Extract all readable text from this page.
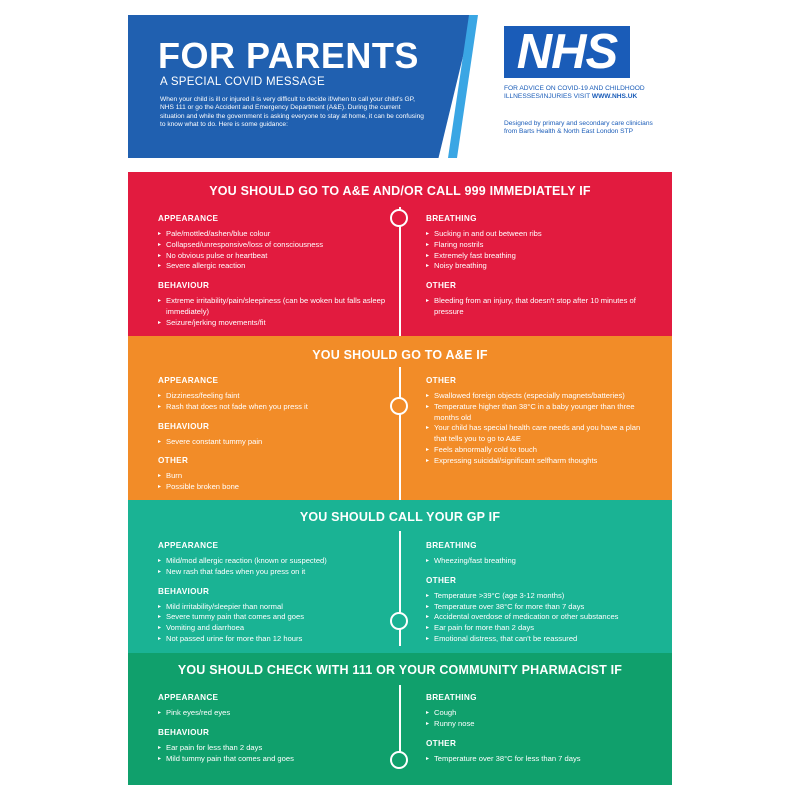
FOR PARENTS
A SPECIAL COVID MESSAGE
When your child is ill or injured it is very difficult to decide if/when to call your child's GP, NHS 111 or go the Accident and Emergency Department (A&E). During the current situation and while the government is asking everyone to stay at home, it can be confusing to know what to do. Here is some guidance:
NHS
FOR ADVICE ON COVID-19 AND CHILDHOOD ILLNESSES/INJURIES VISIT WWW.NHS.UK
Designed by primary and secondary care clinicians from Barts Health & North East London STP
YOU SHOULD GO TO A&E AND/OR CALL 999 IMMEDIATELY IF
APPEARANCE
▸ Pale/mottled/ashen/blue colour
▸ Collapsed/unresponsive/loss of consciousness
▸ No obvious pulse or heartbeat
▸ Severe allergic reaction
BEHAVIOUR
▸ Extreme irritability/pain/sleepiness (can be woken but falls asleep immediately)
▸ Seizure/jerking movements/fit
BREATHING
▸ Sucking in and out between ribs
▸ Flaring nostrils
▸ Extremely fast breathing
▸ Noisy breathing
OTHER
▸ Bleeding from an injury, that doesn't stop after 10 minutes of pressure
YOU SHOULD GO TO A&E IF
APPEARANCE
▸ Dizziness/feeling faint
▸ Rash that does not fade when you press it
BEHAVIOUR
▸ Severe constant tummy pain
OTHER
▸ Burn
▸ Possible broken bone
OTHER
▸ Swallowed foreign objects (especially magnets/batteries)
▸ Temperature higher than 38°C in a baby younger than three months old
▸ Your child has special health care needs and you have a plan that tells you to go to A&E
▸ Feels abnormally cold to touch
▸ Expressing suicidal/significant selfharm thoughts
YOU SHOULD CALL YOUR GP IF
APPEARANCE
▸ Mild/mod allergic reaction (known or suspected)
▸ New rash that fades when you press on it
BEHAVIOUR
▸ Mild irritability/sleepier than normal
▸ Severe tummy pain that comes and goes
▸ Vomiting and diarrhoea
▸ Not passed urine for more than 12 hours
BREATHING
▸ Wheezing/fast breathing
OTHER
▸ Temperature >39°C (age 3-12 months)
▸ Temperature over 38°C for more than 7 days
▸ Accidental overdose of medication or other substances
▸ Ear pain for more than 2 days
▸ Emotional distress, that can't be reassured
YOU SHOULD CHECK WITH 111 OR YOUR COMMUNITY PHARMACIST IF
APPEARANCE
▸ Pink eyes/red eyes
BEHAVIOUR
▸ Ear pain for less than 2 days
▸ Mild tummy pain that comes and goes
BREATHING
▸ Cough
▸ Runny nose
OTHER
▸ Temperature over 38°C for less than 7 days
